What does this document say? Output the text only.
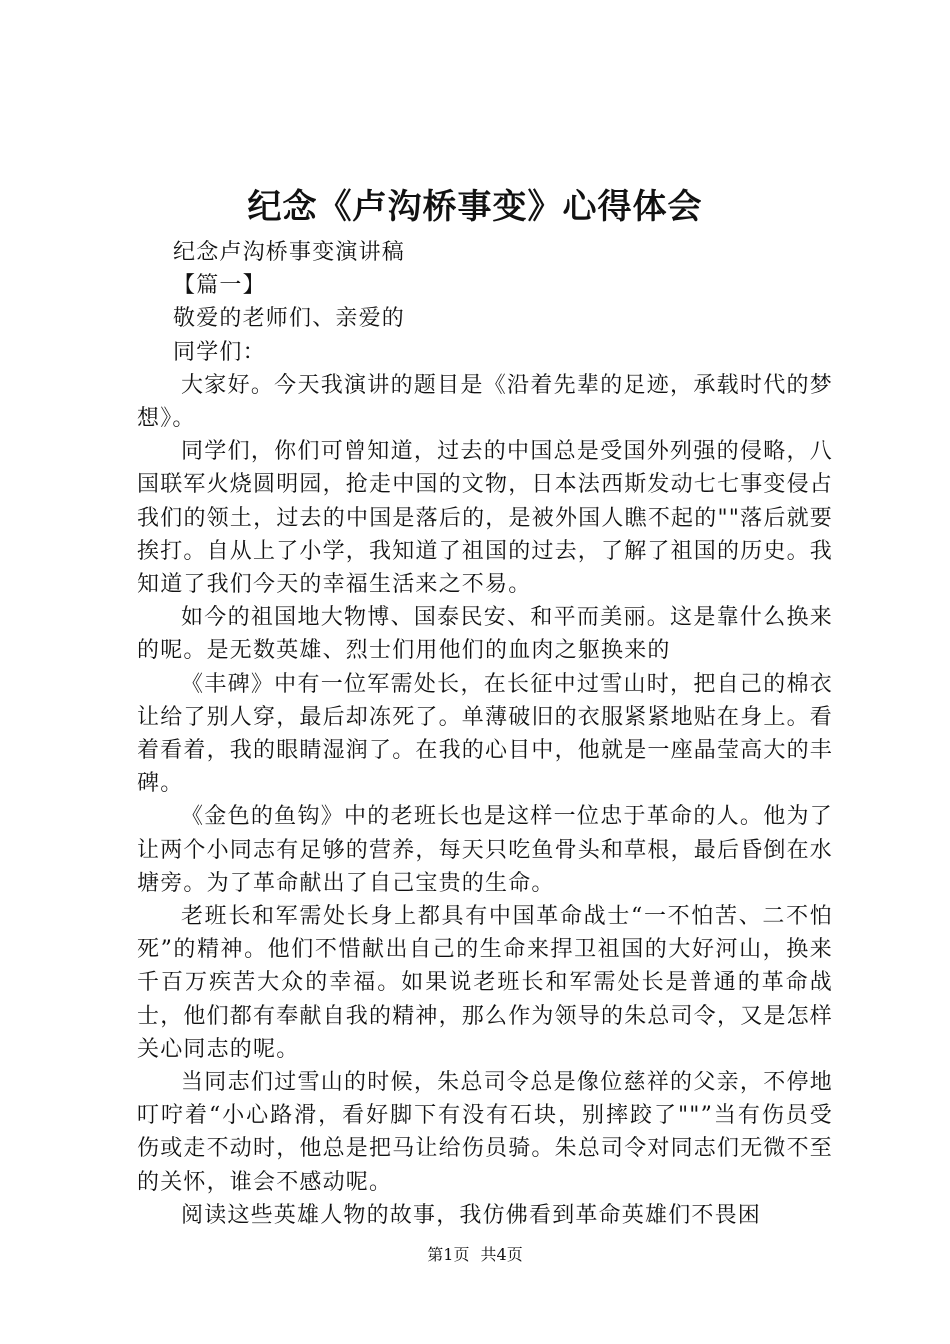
纪念《卢沟桥事变》心得体会

纪念卢沟桥事变演讲稿

【篇一】

敬爱的老师们、亲爱的

同学们：

大家好。今天我演讲的题目是《沿着先辈的足迹，承载时代的梦想》。

同学们，你们可曾知道，过去的中国总是受国外列强的侵略，八国联军火烧圆明园，抢走中国的文物，日本法西斯发动七七事变侵占我们的领土，过去的中国是落后的，是被外国人瞧不起的""落后就要挨打。自从上了小学，我知道了祖国的过去，了解了祖国的历史。我知道了我们今天的幸福生活来之不易。

如今的祖国地大物博、国泰民安、和平而美丽。这是靠什么换来的呢。是无数英雄、烈士们用他们的血肉之躯换来的

《丰碑》中有一位军需处长，在长征中过雪山时，把自己的棉衣让给了别人穿，最后却冻死了。单薄破旧的衣服紧紧地贴在身上。看着看着，我的眼睛湿润了。在我的心目中，他就是一座晶莹高大的丰碑。

《金色的鱼钩》中的老班长也是这样一位忠于革命的人。他为了让两个小同志有足够的营养，每天只吃鱼骨头和草根，最后昏倒在水塘旁。为了革命献出了自己宝贵的生命。

老班长和军需处长身上都具有中国革命战士“一不怕苦、二不怕死”的精神。他们不惜献出自己的生命来捍卫祖国的大好河山，换来千百万疾苦大众的幸福。如果说老班长和军需处长是普通的革命战士，他们都有奉献自我的精神，那么作为领导的朱总司令，又是怎样关心同志的呢。

当同志们过雪山的时候，朱总司令总是像位慈祥的父亲，不停地叮咛着“小心路滑，看好脚下有没有石块，别摔跤了""”当有伤员受伤或走不动时，他总是把马让给伤员骑。朱总司令对同志们无微不至的关怀，谁会不感动呢。

阅读这些英雄人物的故事，我仿佛看到革命英雄们不畏困

第1页 共4页
